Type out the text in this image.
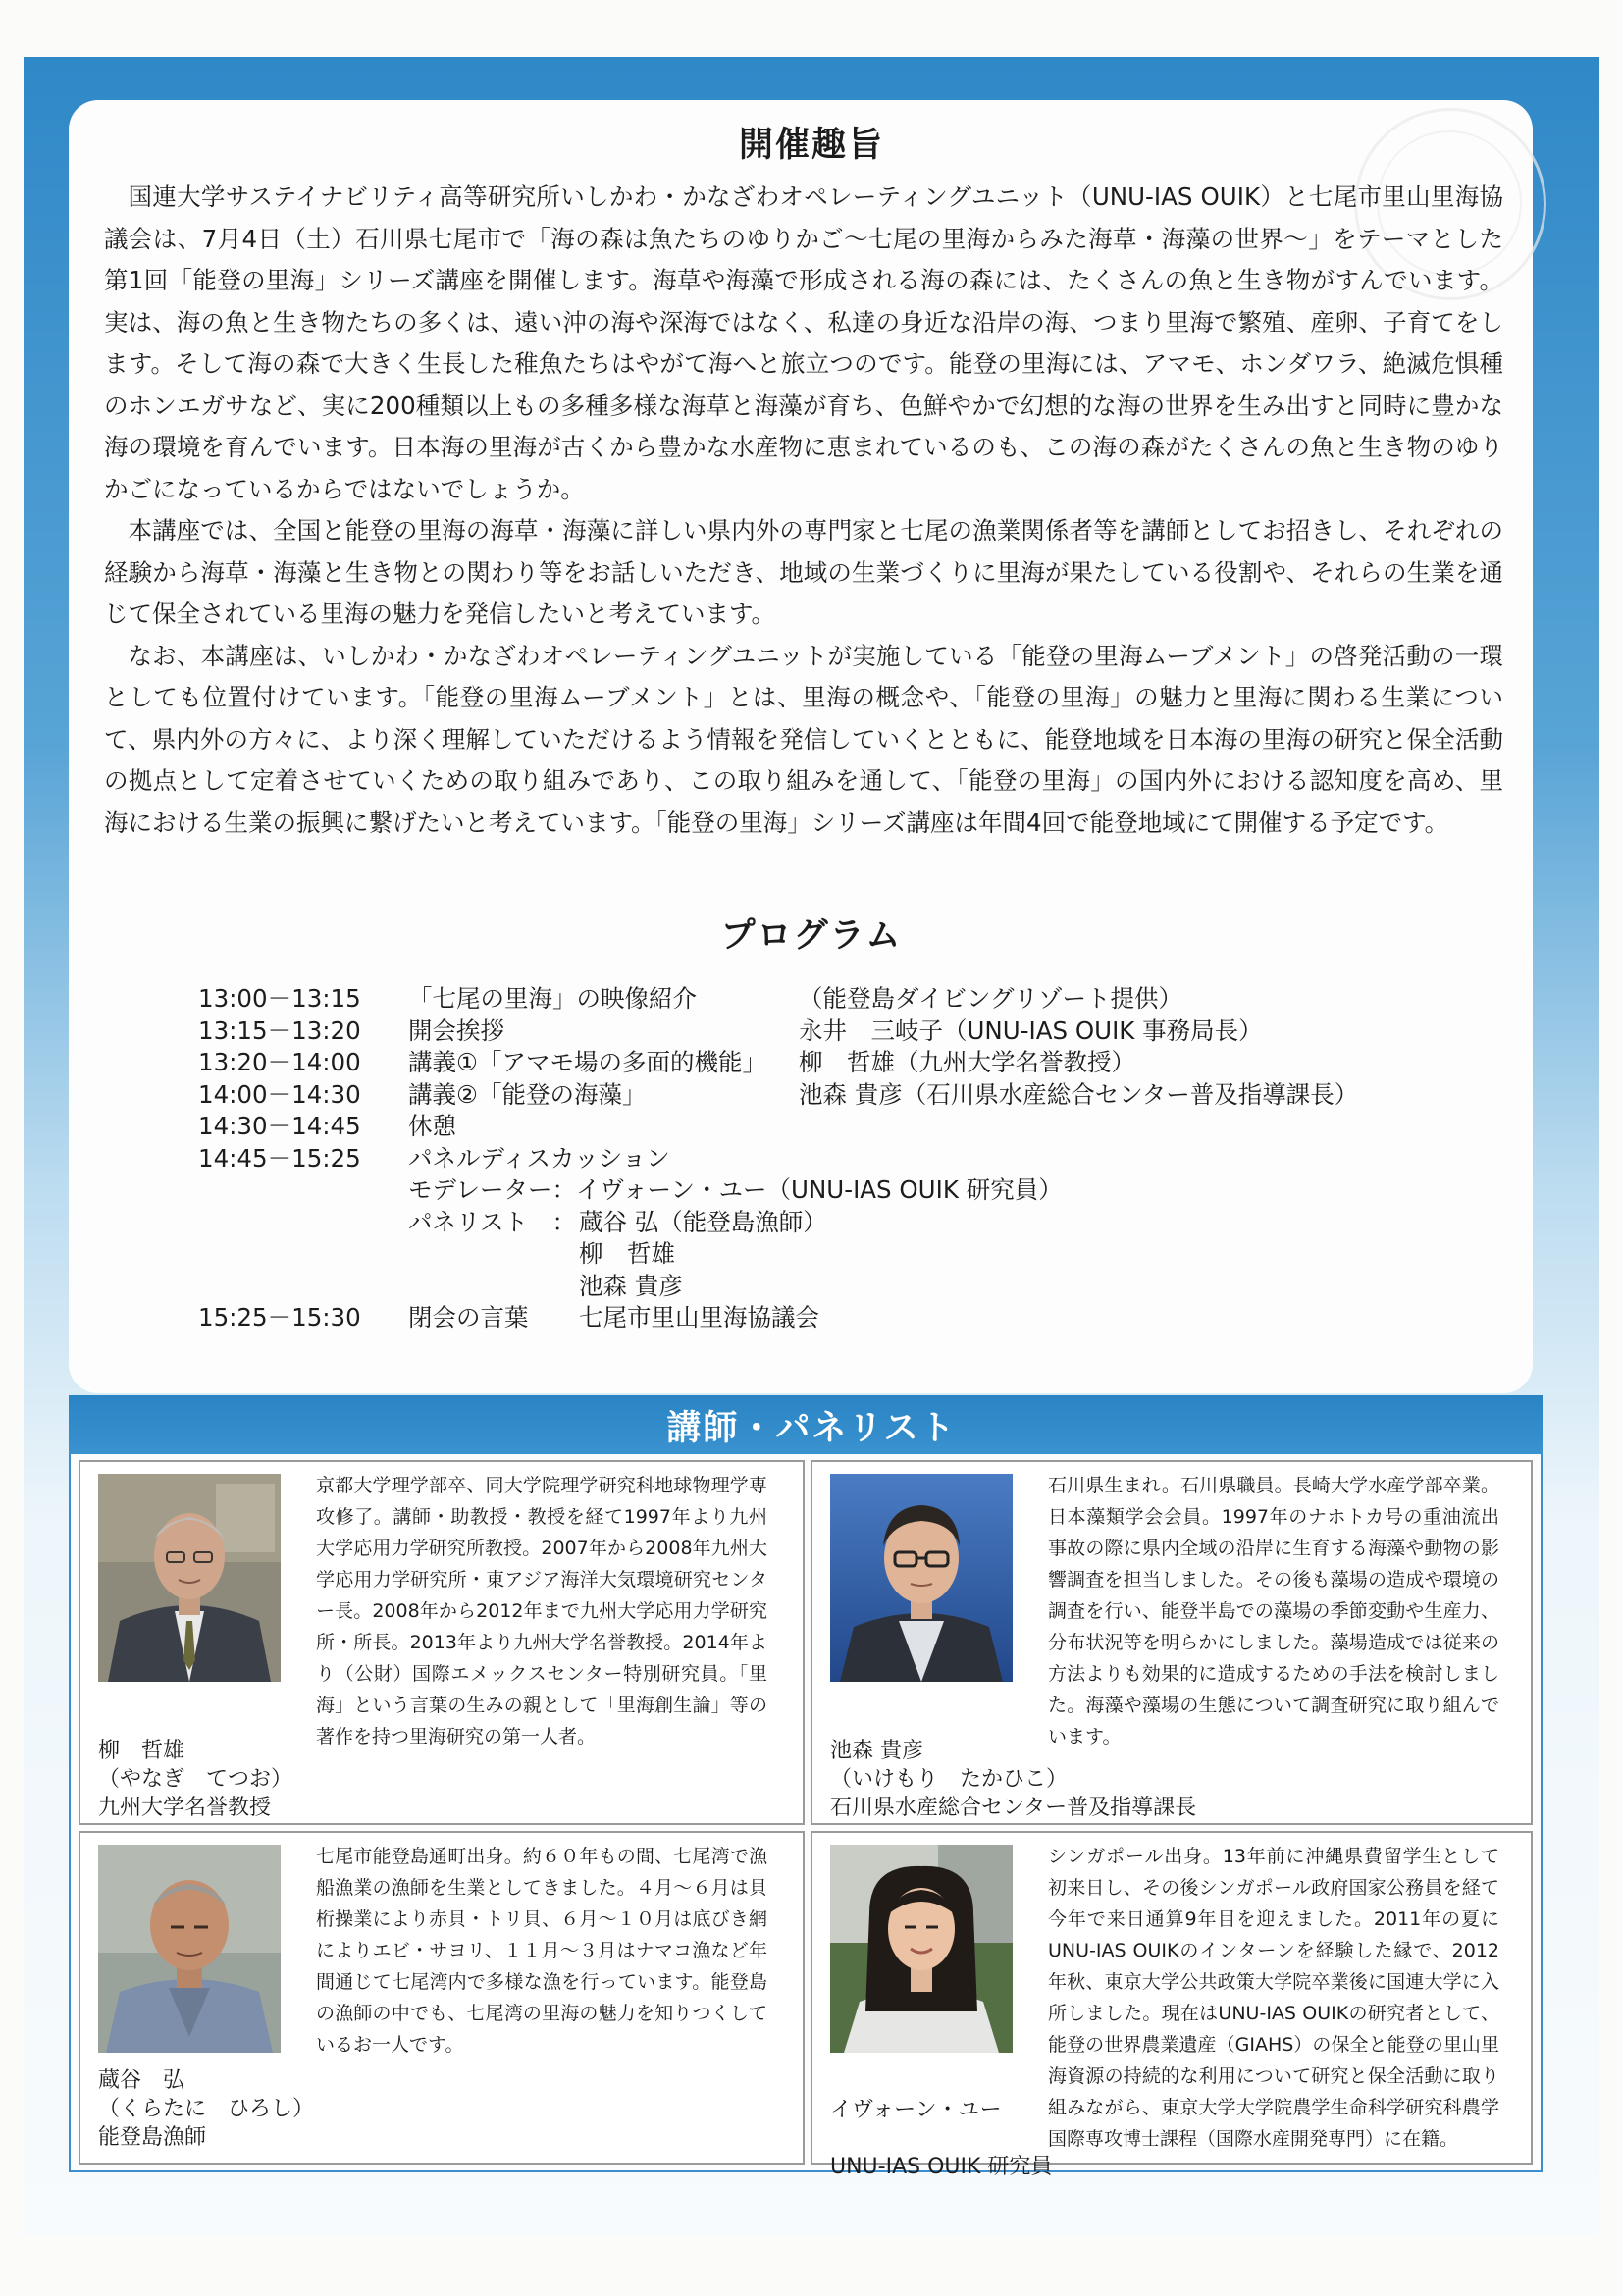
開催趣旨

国連大学サステイナビリティ高等研究所いしかわ・かなざわオペレーティングユニット（UNU-IAS OUIK）と七尾市里山里海協議会は、7月4日（土）石川県七尾市で「海の森は魚たちのゆりかご～七尾の里海からみた海草・海藻の世界～」をテーマとした第1回「能登の里海」シリーズ講座を開催します。海草や海藻で形成される海の森には、たくさんの魚と生き物がすんでいます。実は、海の魚と生き物たちの多くは、遠い沖の海や深海ではなく、私達の身近な沿岸の海、つまり里海で繁殖、産卵、子育てをします。そして海の森で大きく生長した稚魚たちはやがて海へと旅立つのです。能登の里海には、アマモ、ホンダワラ、絶滅危惧種のホンエガサなど、実に200種類以上もの多種多様な海草と海藻が育ち、色鮮やかで幻想的な海の世界を生み出すと同時に豊かな海の環境を育んでいます。日本海の里海が古くから豊かな水産物に恵まれているのも、この海の森がたくさんの魚と生き物のゆりかごになっているからではないでしょうか。

本講座では、全国と能登の里海の海草・海藻に詳しい県内外の専門家と七尾の漁業関係者等を講師としてお招きし、それぞれの経験から海草・海藻と生き物との関わり等をお話しいただき、地域の生業づくりに里海が果たしている役割や、それらの生業を通じて保全されている里海の魅力を発信したいと考えています。

なお、本講座は、いしかわ・かなざわオペレーティングユニットが実施している「能登の里海ムーブメント」の啓発活動の一環としても位置付けています。「能登の里海ムーブメント」とは、里海の概念や、「能登の里海」の魅力と里海に関わる生業について、県内外の方々に、より深く理解していただけるよう情報を発信していくとともに、能登地域を日本海の里海の研究と保全活動の拠点として定着させていくための取り組みであり、この取り組みを通して、「能登の里海」の国内外における認知度を高め、里海における生業の振興に繋げたいと考えています。「能登の里海」シリーズ講座は年間4回で能登地域にて開催する予定です。

プログラム
13:00－13:15 「七尾の里海」の映像紹介	（能登島ダイビングリゾート提供）
13:15－13:20 開会挨拶	永井　三岐子（UNU-IAS OUIK 事務局長）
13:20－14:00 講義①「アマモ場の多面的機能」 柳　哲雄（九州大学名誉教授）
14:00－14:30 講義②「能登の海藻」	池森 貴彦（石川県水産総合センター普及指導課長）
14:30－14:45 休憩
14:45－15:25 パネルディスカッション
モデレーター：イヴォーン・ユー（UNU-IAS OUIK 研究員）
パネリスト　： 蔵谷 弘（能登島漁師）
柳　哲雄
池森 貴彦
15:25－15:30 閉会の言葉 七尾市里山里海協議会
講師・パネリスト
京都大学理学部卒、同大学院理学研究科地球物理学専攻修了。講師・助教授・教授を経て1997年より九州大学応用力学研究所教授。2007年から2008年九州大学応用力学研究所・東アジア海洋大気環境研究センター長。2008年から2012年まで九州大学応用力学研究所・所長。2013年より九州大学名誉教授。2014年より（公財）国際エメックスセンター特別研究員。「里海」という言葉の生みの親として「里海創生論」等の著作を持つ里海研究の第一人者。
柳　哲雄
（やなぎ　てつお）
九州大学名誉教授
石川県生まれ。石川県職員。長崎大学水産学部卒業。日本藻類学会会員。1997年のナホトカ号の重油流出事故の際に県内全域の沿岸に生育する海藻や動物の影響調査を担当しました。その後も藻場の造成や環境の調査を行い、能登半島での藻場の季節変動や生産力、分布状況等を明らかにしました。藻場造成では従来の方法よりも効果的に造成するための手法を検討しました。海藻や藻場の生態について調査研究に取り組んでいます。
池森 貴彦
（いけもり　たかひこ）
石川県水産総合センター普及指導課長
七尾市能登島通町出身。約６０年もの間、七尾湾で漁船漁業の漁師を生業としてきました。４月～６月は貝桁操業により赤貝・トリ貝、６月～１０月は底びき網によりエビ・サヨリ、１１月～３月はナマコ漁など年間通じて七尾湾内で多様な漁を行っています。能登島の漁師の中でも、七尾湾の里海の魅力を知りつくしているお一人です。
蔵谷　弘
（くらたに　ひろし）
能登島漁師
シンガポール出身。13年前に沖縄県費留学生として初来日し、その後シンガポール政府国家公務員を経て今年で来日通算9年目を迎えました。2011年の夏にUNU-IAS OUIKのインターンを経験した縁で、2012年秋、東京大学公共政策大学院卒業後に国連大学に入所しました。現在はUNU-IAS OUIKの研究者として、能登の世界農業遺産（GIAHS）の保全と能登の里山里海資源の持続的な利用について研究と保全活動に取り組みながら、東京大学大学院農学生命科学研究科農学国際専攻博士課程（国際水産開発専門）に在籍。
イヴォーン・ユー
UNU-IAS OUIK 研究員
